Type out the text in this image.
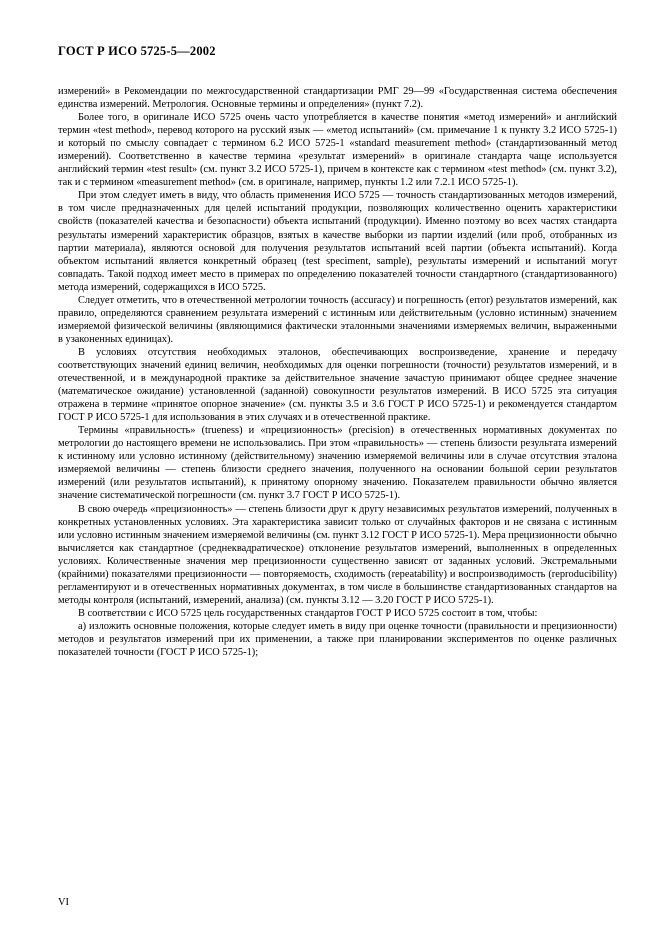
ГОСТ Р ИСО 5725-5—2002

измерений» в Рекомендации по межгосударственной стандартизации РМГ 29—99 «Государственная система обеспечения единства измерений. Метрология. Основные термины и определения» (пункт 7.2).

Более того, в оригинале ИСО 5725 очень часто употребляется в качестве понятия «метод измерений» и английский термин «test method», перевод которого на русский язык — «метод испытаний» (см. примечание 1 к пункту 3.2 ИСО 5725-1) и который по смыслу совпадает с термином 6.2 ИСО 5725-1 «standard measurement method» (стандартизованный метод измерений). Соответственно в качестве термина «результат измерений» в оригинале стандарта чаще используется английский термин «test result» (см. пункт 3.2 ИСО 5725-1), причем в контексте как с термином «test method» (см. пункт 3.2), так и с термином «measurement method» (см. в оригинале, например, пункты 1.2 или 7.2.1 ИСО 5725-1).

При этом следует иметь в виду, что область применения ИСО 5725 — точность стандартизованных методов измерений, в том числе предназначенных для целей испытаний продукции, позволяющих количественно оценить характеристики свойств (показателей качества и безопасности) объекта испытаний (продукции). Именно поэтому во всех частях стандарта результаты измерений характеристик образцов, взятых в качестве выборки из партии изделий (или проб, отобранных из партии материала), являются основой для получения результатов испытаний всей партии (объекта испытаний). Когда объектом испытаний является конкретный образец (test speciment, sample), результаты измерений и испытаний могут совпадать. Такой подход имеет место в примерах по определению показателей точности стандартного (стандартизованного) метода измерений, содержащихся в ИСО 5725.

Следует отметить, что в отечественной метрологии точность (accuracy) и погрешность (error) результатов измерений, как правило, определяются сравнением результата измерений с истинным или действительным (условно истинным) значением измеряемой физической величины (являющимися фактически эталонными значениями измеряемых величин, выраженными в узаконенных единицах).

В условиях отсутствия необходимых эталонов, обеспечивающих воспроизведение, хранение и передачу соответствующих значений единиц величин, необходимых для оценки погрешности (точности) результатов измерений, и в отечественной, и в международной практике за действительное значение зачастую принимают общее среднее значение (математическое ожидание) установленной (заданной) совокупности результатов измерений. В ИСО 5725 эта ситуация отражена в термине «принятое опорное значение» (см. пункты 3.5 и 3.6 ГОСТ Р ИСО 5725-1) и рекомендуется стандартом ГОСТ Р ИСО 5725-1 для использования в этих случаях и в отечественной практике.

Термины «правильность» (trueness) и «прецизионность» (precision) в отечественных нормативных документах по метрологии до настоящего времени не использовались. При этом «правильность» — степень близости результата измерений к истинному или условно истинному (действительному) значению измеряемой величины или в случае отсутствия эталона измеряемой величины — степень близости среднего значения, полученного на основании большой серии результатов измерений (или результатов испытаний), к принятому опорному значению. Показателем правильности обычно является значение систематической погрешности (см. пункт 3.7 ГОСТ Р ИСО 5725-1).

В свою очередь «прецизионность» — степень близости друг к другу независимых результатов измерений, полученных в конкретных установленных условиях. Эта характеристика зависит только от случайных факторов и не связана с истинным или условно истинным значением измеряемой величины (см. пункт 3.12 ГОСТ Р ИСО 5725-1). Мера прецизионности обычно вычисляется как стандартное (среднеквадратическое) отклонение результатов измерений, выполненных в определенных условиях. Количественные значения мер прецизионности существенно зависят от заданных условий. Экстремальными (крайними) показателями прецизионности — повторяемость, сходимость (repeatability) и воспроизводимость (reproducibility) регламентируют и в отечественных нормативных документах, в том числе в большинстве стандартизованных стандартов на методы контроля (испытаний, измерений, анализа) (см. пункты 3.12 — 3.20 ГОСТ Р ИСО 5725-1).

В соответствии с ИСО 5725 цель государственных стандартов ГОСТ Р ИСО 5725 состоит в том, чтобы:

а) изложить основные положения, которые следует иметь в виду при оценке точности (правильности и прецизионности) методов и результатов измерений при их применении, а также при планировании экспериментов по оценке различных показателей точности (ГОСТ Р ИСО 5725-1);

VI
